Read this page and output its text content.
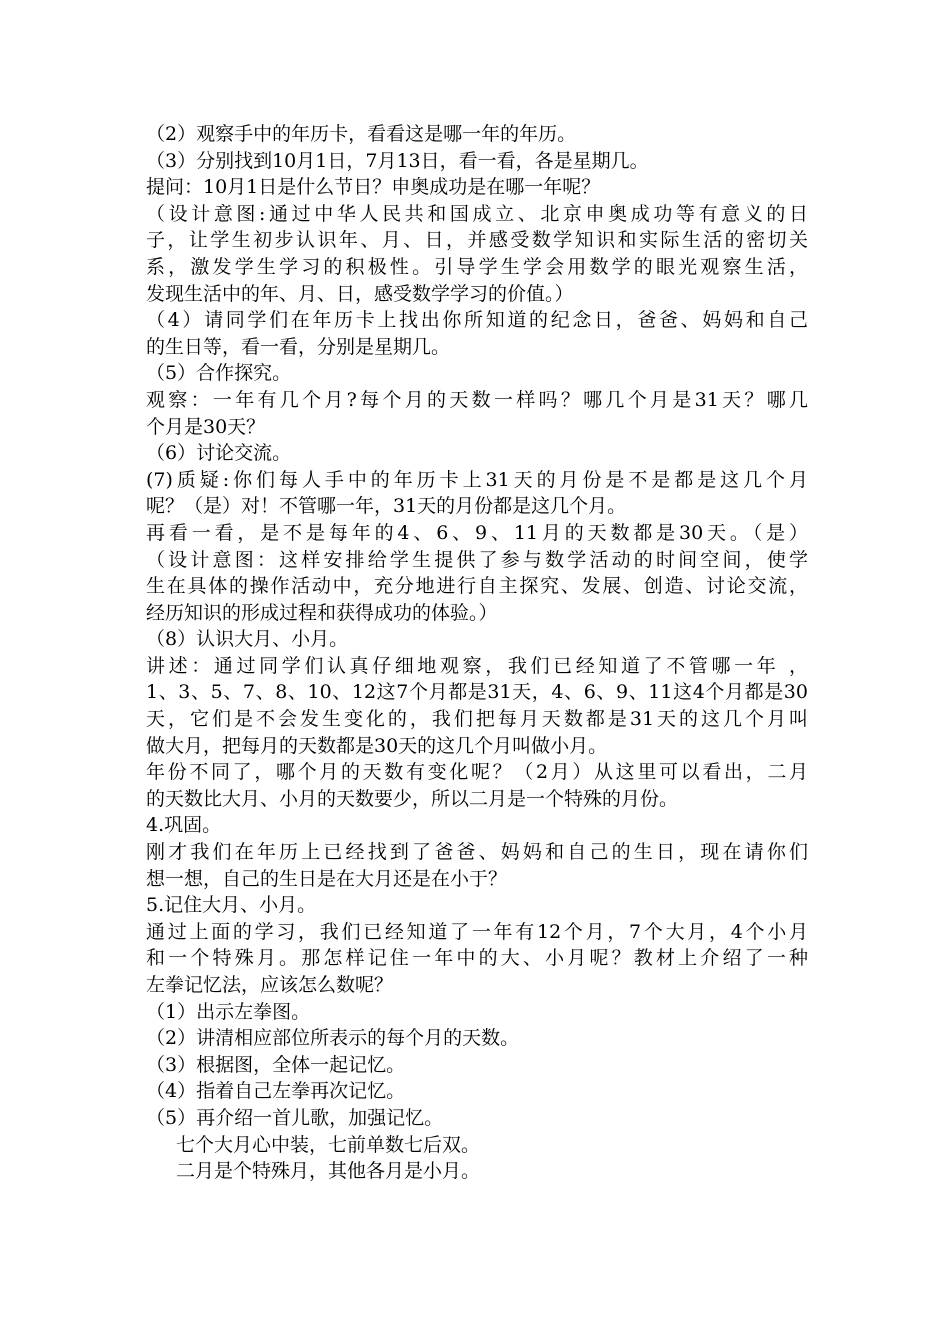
（2）观察手中的年历卡，看看这是哪一年的年历。
（3）分别找到10月1日，7月13日，看一看，各是星期几。
提问：10月1日是什么节日？申奥成功是在哪一年呢？
（设计意图:通过中华人民共和国成立、北京申奥成功等有意义的日
子，让学生初步认识年、月、日，并感受数学知识和实际生活的密切关
系，激发学生学习的积极性。引导学生学会用数学的眼光观察生活，
发现生活中的年、月、日，感受数学学习的价值。）
（4）请同学们在年历卡上找出你所知道的纪念日，爸爸、妈妈和自己
的生日等，看一看，分别是星期几。
（5）合作探究。
观察：一年有几个月?每个月的天数一样吗？哪几个月是31天？哪几
个月是30天？
（6）讨论交流。
(7)质疑:你们每人手中的年历卡上31天的月份是不是都是这几个月
呢？（是）对！不管哪一年，31天的月份都是这几个月。
再看一看，是不是每年的4、6、9、11月的天数都是30天。（是）
（设计意图：这样安排给学生提供了参与数学活动的时间空间，使学
生在具体的操作活动中，充分地进行自主探究、发展、创造、讨论交流，
经历知识的形成过程和获得成功的体验。）
（8）认识大月、小月。
讲述：通过同学们认真仔细地观察，我们已经知道了不管哪一年 ，
1、3、5、7、8、10、12这7个月都是31天，4、6、9、11这4个月都是30
天，它们是不会发生变化的，我们把每月天数都是31天的这几个月叫
做大月，把每月的天数都是30天的这几个月叫做小月。
年份不同了，哪个月的天数有变化呢？（2月）从这里可以看出，二月
的天数比大月、小月的天数要少，所以二月是一个特殊的月份。
4.巩固。
刚才我们在年历上已经找到了爸爸、妈妈和自己的生日，现在请你们
想一想，自己的生日是在大月还是在小于？
5.记住大月、小月。
通过上面的学习，我们已经知道了一年有12个月，7个大月，4个小月
和一个特殊月。那怎样记住一年中的大、小月呢？教材上介绍了一种
左拳记忆法，应该怎么数呢？
（1）出示左拳图。
（2）讲清相应部位所表示的每个月的天数。
（3）根据图，全体一起记忆。
（4）指着自己左拳再次记忆。
（5）再介绍一首儿歌，加强记忆。
七个大月心中装，七前单数七后双。
二月是个特殊月，其他各月是小月。
